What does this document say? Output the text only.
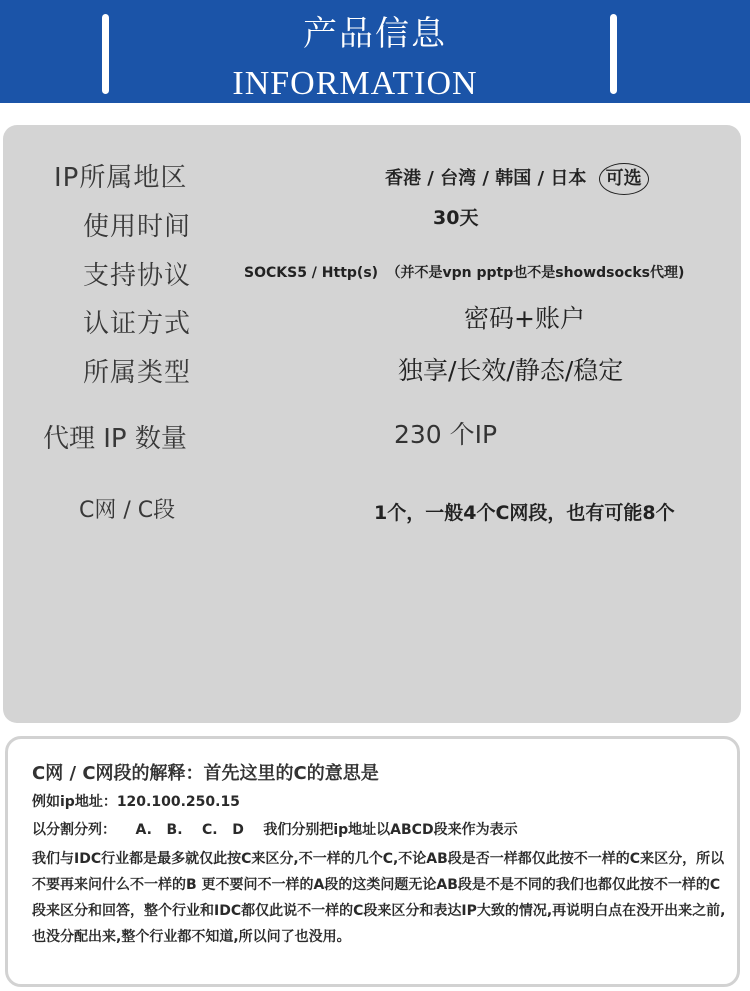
产品信息
INFORMATION
IP所属地区	香港 / 台湾 / 韩国 / 日本 可选
使用时间	30天
支持协议	SOCKS5 / Http(s) （并不是vpn pptp也不是showdsocks代理)
认证方式	密码+账户
所属类型	独享/长效/静态/稳定
代理 IP 数量	230 个IP
C网 / C段	1个，一般4个C网段，也有可能8个
C网 / C网段的解释：首先这里的C的意思是
例如ip地址：120.100.250.15
以分割分列：    A.   B.    C.   D    我们分别把ip地址以ABCD段来作为表示
我们与IDC行业都是最多就仅此按C来区分,不一样的几个C,不论AB段是否一样都仅此按不一样的C来区分，所以不要再来问什么不一样的B 更不要问不一样的A段的这类问题无论AB段是不是不同的我们也都仅此按不一样的C段来区分和回答，整个行业和IDC都仅此说不一样的C段来区分和表达IP大致的情况,再说明白点在没开出来之前,也没分配出来,整个行业都不知道,所以问了也没用。
